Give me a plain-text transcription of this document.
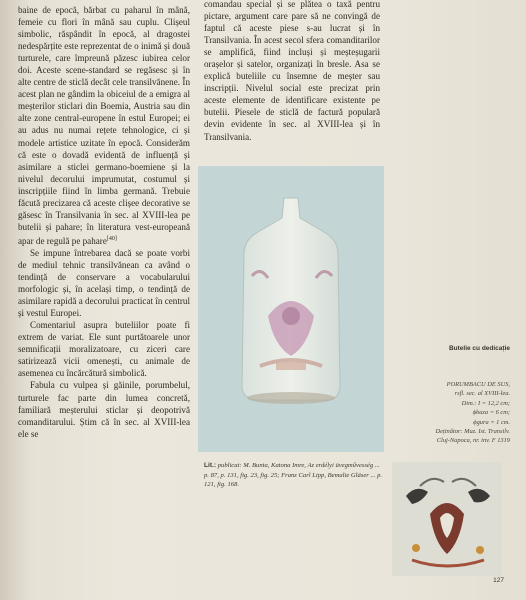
baine de epocă, bărbat cu paharul în mână, femeie cu flori în mână sau cuplu. Clișeul simbolic, răspândit în epocă, al dragostei nedespărțite este reprezentat de o inimă și două turturele, care împreună păzesc iubirea celor doi. Aceste scene-standard se regăsesc și în alte centre de sticlă decât cele transilvănene. În acest plan ne gândim la obiceiul de a emigra al meșterilor sticlari din Boemia, Austria sau din alte zone central-europene în estul Europei; ei au adus nu numai rețete tehnologice, ci și modele artistice uzitate în epocă. Considerăm că este o dovadă evidentă de influență și asimilare a sticlei germano-boemiene și la nivelul decorului imprumutat, costumul și inscripțiile fiind în limba germană. Trebuie făcută precizarea că aceste clișee decorative se găsesc în Transilvania în sec. al XVIII-lea pe butelii și pahare; în literatura vest-europeană apar de regulă pe pahare[40]

Se impune întrebarea dacă se poate vorbi de mediul tehnic transilvănean ca având o tendință de conservare a vocabularului morfologic și, în același timp, o tendință de asimilare rapidă a decorului practicat în centrul și vestul Europei.

Comentariul asupra buteliilor poate fi extrem de variat. Ele sunt purtătoarele unor semnificații moralizatoare, cu ziceri care satirizează vicii omenești, cu animale de asemenea cu încărcătură simbolică.

Fabula cu vulpea și găinile, porumbelul, turturele fac parte din lumea concretă, familiară meșterului sticlar și deopotrivă comanditarului. Știm că în sec. al XVIII-lea ele se

comandau special și se plătea o taxă pentru pictare, argument care pare să ne convingă de faptul că aceste piese s-au lucrat și în Transilvania. În acest secol sfera comanditarilor se amplifică, fiind incluși și meșteșugarii orașelor și satelor, organizați în bresle. Asa se explică buteliile cu însemne de meșter sau inscripții. Nivelul social este precizat prin aceste elemente de identificare existente pe butelii. Piesele de sticlă de factură populară devin evidente în sec. al XVIII-lea și în Transilvania.

Butelie cu dedicație
PORUMBACU DE SUS,
rsfl. sec. al XVIII-lea.
Dim.: I = 12,2 cm;
ϕbaza = 6 cm;
ϕgura = 1 cm.
Deținător: Muz. Ist. Transilv.
Cluj-Napoca, nr. inv. F 1319
Lit.: publicat: M. Bunta, Katona Imre, Az erdélyi üvegművesség ... p. 87, p. 131, fig. 23, fig. 25; Franz Carl Lipp, Bemalte Gläser ... p. 121, fig. 168.
127
